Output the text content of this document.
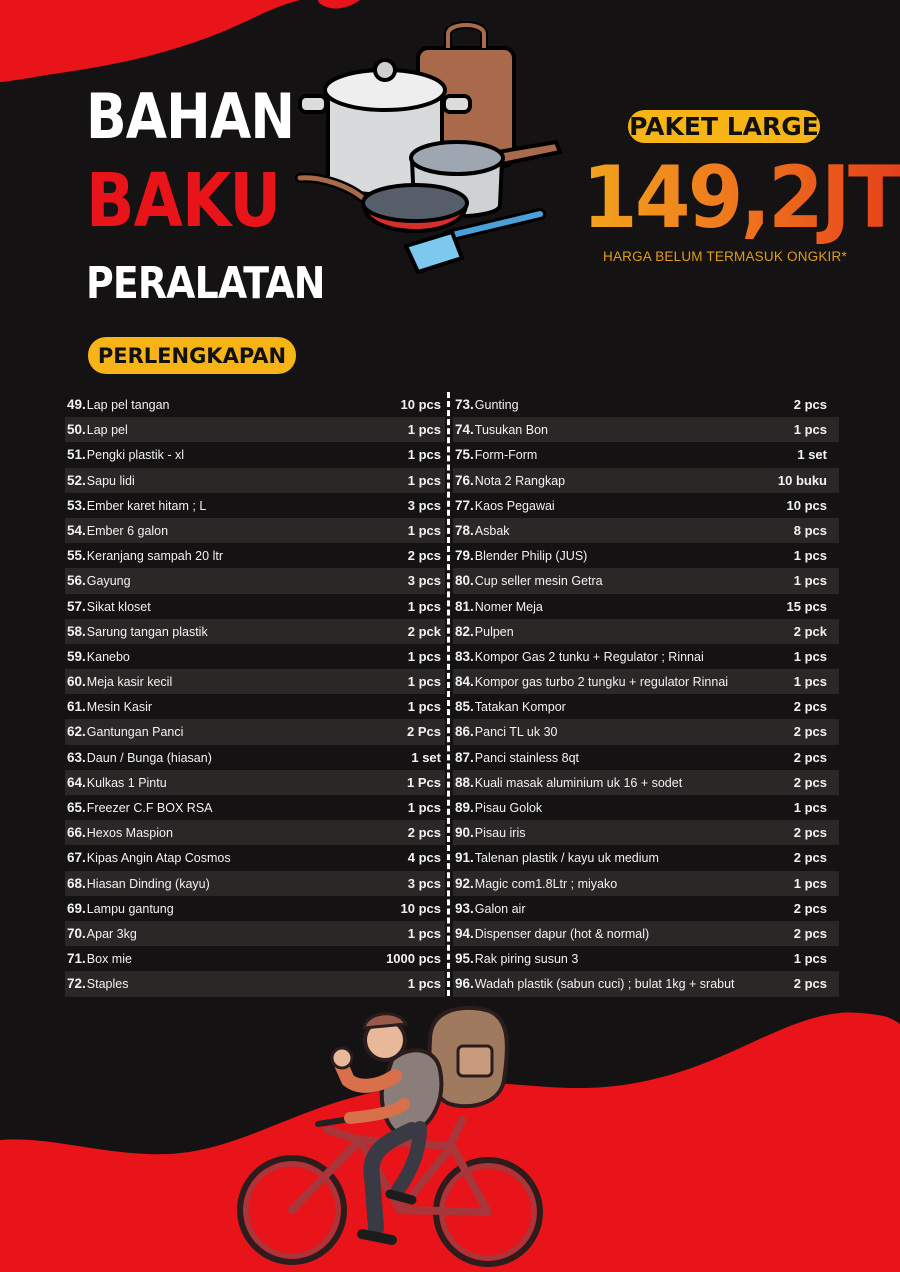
BAHAN
BAKU
PERALATAN
PAKET LARGE
149,2JT
HARGA BELUM TERMASUK ONGKIR*
PERLENGKAPAN
49.Lap pel tangan	10 pcs
50.Lap pel	1 pcs
51.Pengki plastik - xl	1 pcs
52.Sapu lidi	1 pcs
53.Ember karet hitam ; L	3 pcs
54.Ember 6 galon	1 pcs
55.Keranjang sampah 20 ltr	2 pcs
56.Gayung	3 pcs
57.Sikat kloset	1 pcs
58.Sarung tangan plastik	2 pck
59.Kanebo	1 pcs
60.Meja kasir kecil	1 pcs
61.Mesin Kasir	1 pcs
62.Gantungan Panci	2 Pcs
63.Daun / Bunga (hiasan)	1 set
64.Kulkas 1 Pintu	1 Pcs
65.Freezer C.F BOX RSA	1 pcs
66.Hexos Maspion	2 pcs
67.Kipas Angin Atap Cosmos	4 pcs
68.Hiasan Dinding (kayu)	3 pcs
69.Lampu gantung	10 pcs
70.Apar 3kg	1 pcs
71.Box mie	1000 pcs
72.Staples	1 pcs
73.Gunting	2 pcs
74.Tusukan Bon	1 pcs
75.Form-Form	1 set
76.Nota 2 Rangkap	10 buku
77.Kaos Pegawai	10 pcs
78.Asbak	8 pcs
79.Blender Philip (JUS)	1 pcs
80.Cup seller mesin Getra	1 pcs
81.Nomer Meja	15 pcs
82.Pulpen	2 pck
83.Kompor Gas 2 tunku + Regulator ; Rinnai	1 pcs
84.Kompor gas turbo 2 tungku + regulator Rinnai	1 pcs
85.Tatakan Kompor	2 pcs
86.Panci TL uk 30	2 pcs
87.Panci stainless 8qt	2 pcs
88.Kuali masak aluminium uk 16 + sodet	2 pcs
89.Pisau Golok	1 pcs
90.Pisau iris	2 pcs
91.Talenan plastik / kayu uk medium	2 pcs
92.Magic com1.8Ltr ; miyako	1 pcs
93.Galon air	2 pcs
94.Dispenser dapur (hot & normal)	2 pcs
95.Rak piring susun 3	1 pcs
96.Wadah plastik (sabun cuci) ; bulat 1kg + srabut	2 pcs
